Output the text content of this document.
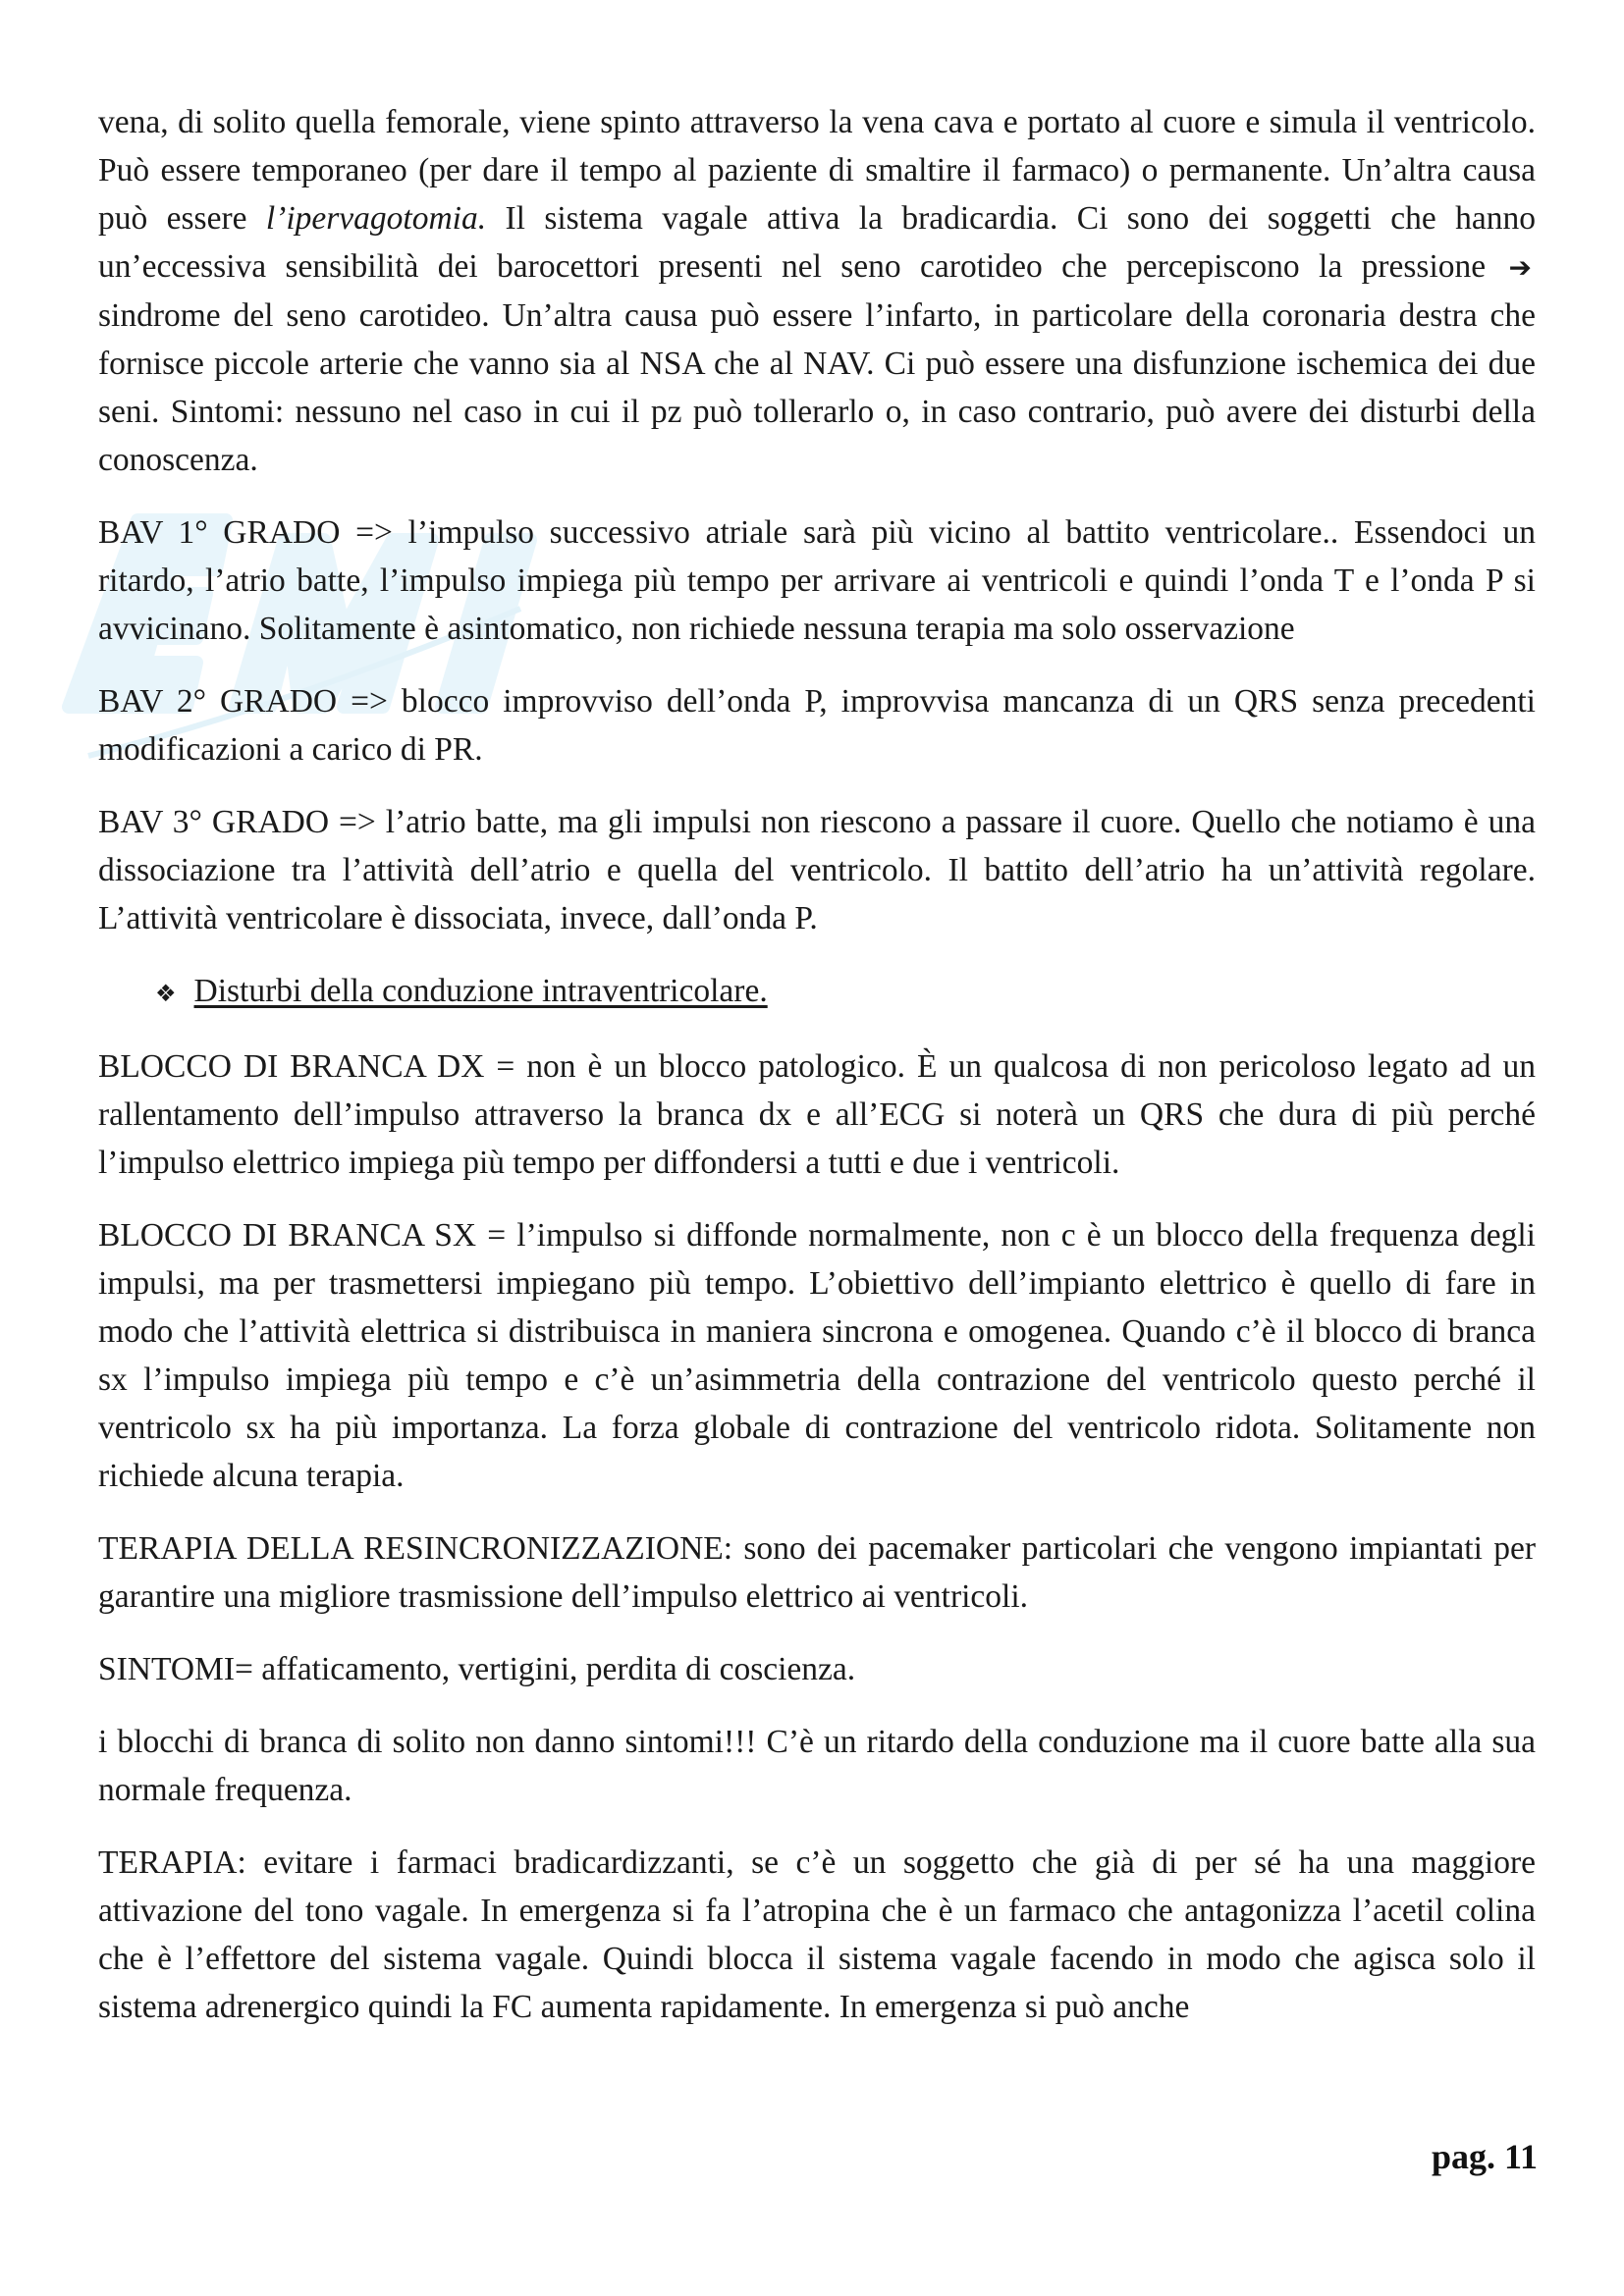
vena, di solito quella femorale, viene spinto attraverso la vena cava e portato al cuore e simula il ventricolo. Può essere temporaneo (per dare il tempo al paziente di smaltire il farmaco) o permanente. Un’altra causa può essere l’ipervagotomia. Il sistema vagale attiva la bradicardia. Ci sono dei soggetti che hanno un’eccessiva sensibilità dei barocettori presenti nel seno carotideo che percepiscono la pressione ➔ sindrome del seno carotideo. Un’altra causa può essere l’infarto, in particolare della coronaria destra che fornisce piccole arterie che vanno sia al NSA che al NAV. Ci può essere una disfunzione ischemica dei due seni. Sintomi: nessuno nel caso in cui il pz può tollerarlo o, in caso contrario, può avere dei disturbi della conoscenza.

BAV 1° GRADO => l’impulso successivo atriale sarà più vicino al battito ventricolare.. Essendoci un ritardo, l’atrio batte, l’impulso impiega più tempo per arrivare ai ventricoli e quindi l’onda T e l’onda P si avvicinano. Solitamente è asintomatico, non richiede nessuna terapia ma solo osservazione

BAV 2° GRADO => blocco improvviso dell’onda P, improvvisa mancanza di un QRS senza precedenti modificazioni a carico di PR.

BAV 3° GRADO => l’atrio batte, ma gli impulsi non riescono a passare il cuore. Quello che notiamo è una dissociazione tra l’attività dell’atrio e quella del ventricolo. Il battito dell’atrio ha un’attività regolare. L’attività ventricolare è dissociata, invece, dall’onda P.

❖ Disturbi della conduzione intraventricolare.

BLOCCO DI BRANCA DX = non è un blocco patologico. È un qualcosa di non pericoloso legato ad un rallentamento dell’impulso attraverso la branca dx e all’ECG si noterà un QRS che dura di più perché l’impulso elettrico impiega più tempo per diffondersi a tutti e due i ventricoli.

BLOCCO DI BRANCA SX = l’impulso si diffonde normalmente, non c è un blocco della frequenza degli impulsi, ma per trasmettersi impiegano più tempo. L’obiettivo dell’impianto elettrico è quello di fare in modo che l’attività elettrica si distribuisca in maniera sincrona e omogenea. Quando c’è il blocco di branca sx l’impulso impiega più tempo e c’è un’asimmetria della contrazione del ventricolo questo perché il ventricolo sx ha più importanza. La forza globale di contrazione del ventricolo ridota. Solitamente non richiede alcuna terapia.

TERAPIA DELLA RESINCRONIZZAZIONE: sono dei pacemaker particolari che vengono impiantati per garantire una migliore trasmissione dell’impulso elettrico ai ventricoli.

SINTOMI= affaticamento, vertigini, perdita di coscienza.

i blocchi di branca di solito non danno sintomi!!! C’è un ritardo della conduzione ma il cuore batte alla sua normale frequenza.

TERAPIA: evitare i farmaci bradicardizzanti, se c’è un soggetto che già di per sé ha una maggiore attivazione del tono vagale. In emergenza si fa l’atropina che è un farmaco che antagonizza l’acetil colina che è l’effettore del sistema vagale. Quindi blocca il sistema vagale facendo in modo che agisca solo il sistema adrenergico quindi la FC aumenta rapidamente. In emergenza si può anche

pag. 11
